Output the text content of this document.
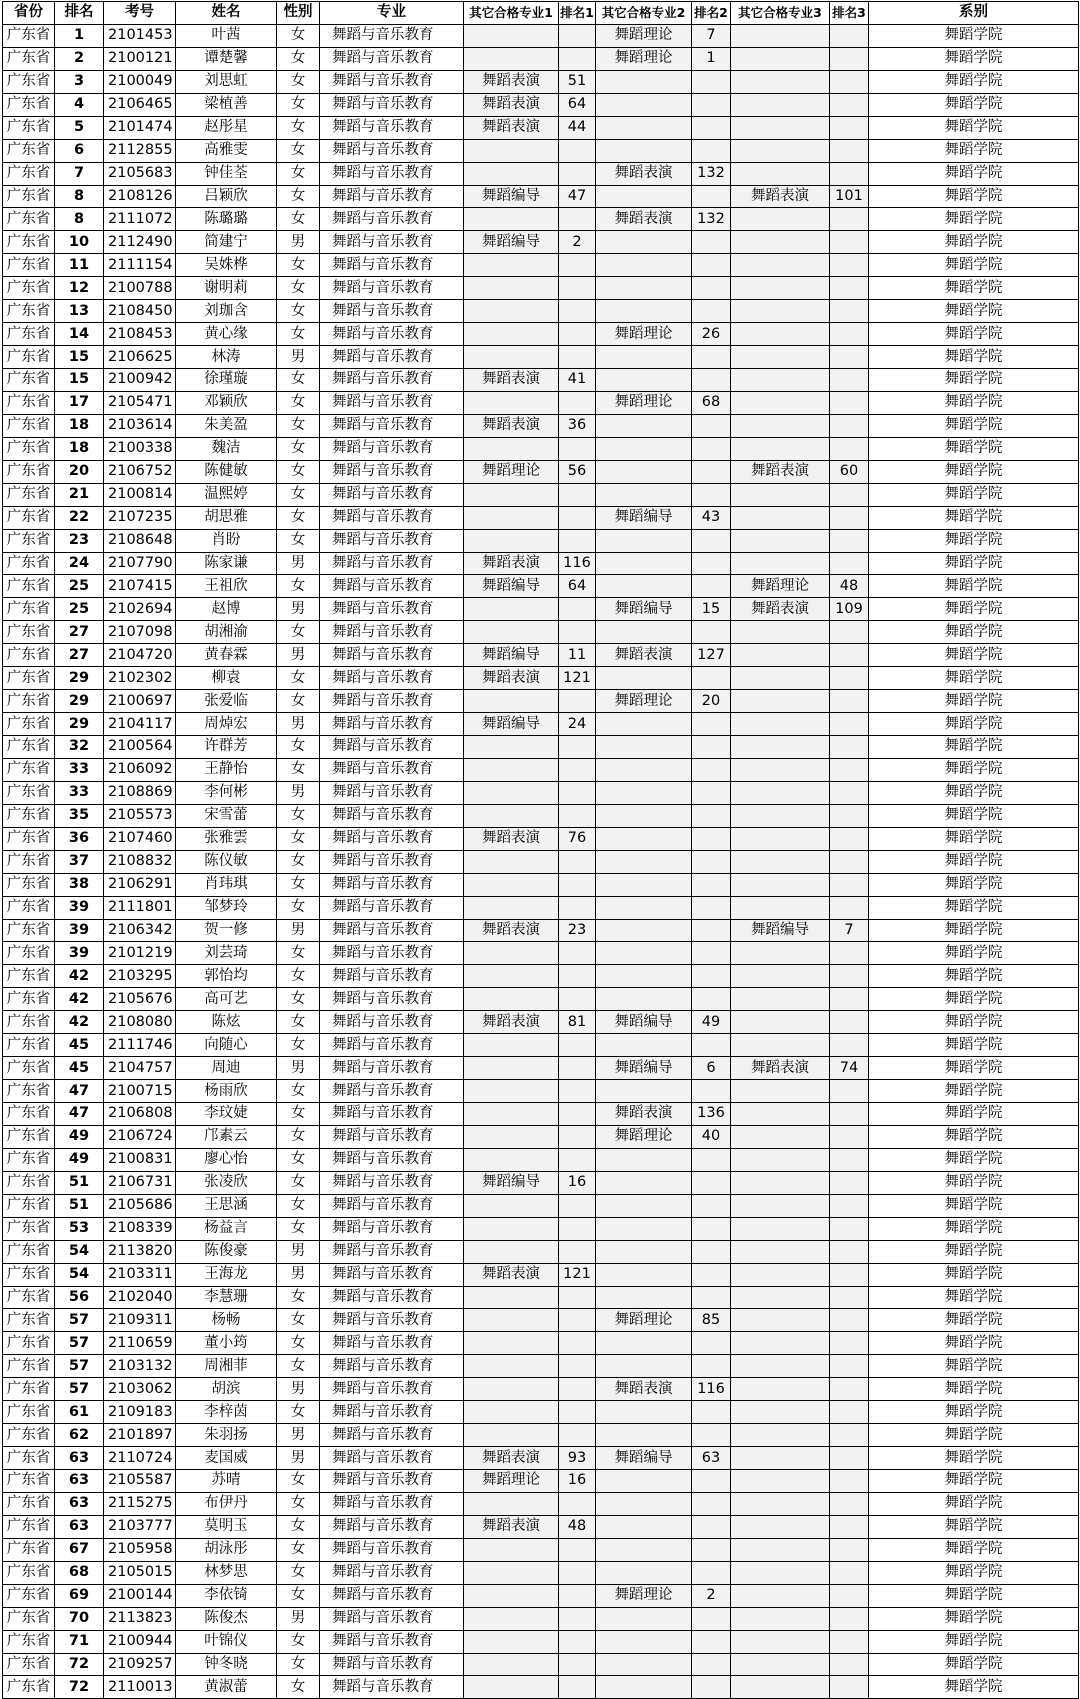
省份	排名	考号	姓名	性别	专业	其它合格专业1	排名1	其它合格专业2	排名2	其它合格专业3	排名3	系别
广东省	1	2101453	叶茜	女	舞蹈与音乐教育			舞蹈理论	7			舞蹈学院
广东省	2	2100121	谭楚馨	女	舞蹈与音乐教育			舞蹈理论	1			舞蹈学院
广东省	3	2100049	刘思虹	女	舞蹈与音乐教育	舞蹈表演	51					舞蹈学院
广东省	4	2106465	梁植善	女	舞蹈与音乐教育	舞蹈表演	64					舞蹈学院
广东省	5	2101474	赵彤星	女	舞蹈与音乐教育	舞蹈表演	44					舞蹈学院
广东省	6	2112855	高雅雯	女	舞蹈与音乐教育							舞蹈学院
广东省	7	2105683	钟佳荃	女	舞蹈与音乐教育			舞蹈表演	132			舞蹈学院
广东省	8	2108126	吕颖欣	女	舞蹈与音乐教育	舞蹈编导	47			舞蹈表演	101	舞蹈学院
广东省	8	2111072	陈璐璐	女	舞蹈与音乐教育			舞蹈表演	132			舞蹈学院
广东省	10	2112490	简建宁	男	舞蹈与音乐教育	舞蹈编导	2					舞蹈学院
广东省	11	2111154	吴姝桦	女	舞蹈与音乐教育							舞蹈学院
广东省	12	2100788	谢明莉	女	舞蹈与音乐教育							舞蹈学院
广东省	13	2108450	刘珈含	女	舞蹈与音乐教育							舞蹈学院
广东省	14	2108453	黄心缘	女	舞蹈与音乐教育			舞蹈理论	26			舞蹈学院
广东省	15	2106625	林涛	男	舞蹈与音乐教育							舞蹈学院
广东省	15	2100942	徐瑾璇	女	舞蹈与音乐教育	舞蹈表演	41					舞蹈学院
广东省	17	2105471	邓颖欣	女	舞蹈与音乐教育			舞蹈理论	68			舞蹈学院
广东省	18	2103614	朱美盈	女	舞蹈与音乐教育	舞蹈表演	36					舞蹈学院
广东省	18	2100338	魏洁	女	舞蹈与音乐教育							舞蹈学院
广东省	20	2106752	陈健敏	女	舞蹈与音乐教育	舞蹈理论	56			舞蹈表演	60	舞蹈学院
广东省	21	2100814	温熙婷	女	舞蹈与音乐教育							舞蹈学院
广东省	22	2107235	胡思雅	女	舞蹈与音乐教育			舞蹈编导	43			舞蹈学院
广东省	23	2108648	肖盼	女	舞蹈与音乐教育							舞蹈学院
广东省	24	2107790	陈家谦	男	舞蹈与音乐教育	舞蹈表演	116					舞蹈学院
广东省	25	2107415	王祖欣	女	舞蹈与音乐教育	舞蹈编导	64			舞蹈理论	48	舞蹈学院
广东省	25	2102694	赵博	男	舞蹈与音乐教育			舞蹈编导	15	舞蹈表演	109	舞蹈学院
广东省	27	2107098	胡湘渝	女	舞蹈与音乐教育							舞蹈学院
广东省	27	2104720	黄春霖	男	舞蹈与音乐教育	舞蹈编导	11	舞蹈表演	127			舞蹈学院
广东省	29	2102302	柳袁	女	舞蹈与音乐教育	舞蹈表演	121					舞蹈学院
广东省	29	2100697	张爱临	女	舞蹈与音乐教育			舞蹈理论	20			舞蹈学院
广东省	29	2104117	周焯宏	男	舞蹈与音乐教育	舞蹈编导	24					舞蹈学院
广东省	32	2100564	许群芳	女	舞蹈与音乐教育							舞蹈学院
广东省	33	2106092	王静怡	女	舞蹈与音乐教育							舞蹈学院
广东省	33	2108869	李何彬	男	舞蹈与音乐教育							舞蹈学院
广东省	35	2105573	宋雪蕾	女	舞蹈与音乐教育							舞蹈学院
广东省	36	2107460	张雅雲	女	舞蹈与音乐教育	舞蹈表演	76					舞蹈学院
广东省	37	2108832	陈仪敏	女	舞蹈与音乐教育							舞蹈学院
广东省	38	2106291	肖玮琪	女	舞蹈与音乐教育							舞蹈学院
广东省	39	2111801	邹梦玲	女	舞蹈与音乐教育							舞蹈学院
广东省	39	2106342	贺一修	男	舞蹈与音乐教育	舞蹈表演	23			舞蹈编导	7	舞蹈学院
广东省	39	2101219	刘芸琦	女	舞蹈与音乐教育							舞蹈学院
广东省	42	2103295	郭怡均	女	舞蹈与音乐教育							舞蹈学院
广东省	42	2105676	高可艺	女	舞蹈与音乐教育							舞蹈学院
广东省	42	2108080	陈炫	女	舞蹈与音乐教育	舞蹈表演	81	舞蹈编导	49			舞蹈学院
广东省	45	2111746	向随心	女	舞蹈与音乐教育							舞蹈学院
广东省	45	2104757	周迪	男	舞蹈与音乐教育			舞蹈编导	6	舞蹈表演	74	舞蹈学院
广东省	47	2100715	杨雨欣	女	舞蹈与音乐教育							舞蹈学院
广东省	47	2106808	李玟婕	女	舞蹈与音乐教育			舞蹈表演	136			舞蹈学院
广东省	49	2106724	邝素云	女	舞蹈与音乐教育			舞蹈理论	40			舞蹈学院
广东省	49	2100831	廖心怡	女	舞蹈与音乐教育							舞蹈学院
广东省	51	2106731	张凌欣	女	舞蹈与音乐教育	舞蹈编导	16					舞蹈学院
广东省	51	2105686	王思涵	女	舞蹈与音乐教育							舞蹈学院
广东省	53	2108339	杨益言	女	舞蹈与音乐教育							舞蹈学院
广东省	54	2113820	陈俊豪	男	舞蹈与音乐教育							舞蹈学院
广东省	54	2103311	王海龙	男	舞蹈与音乐教育	舞蹈表演	121					舞蹈学院
广东省	56	2102040	李慧珊	女	舞蹈与音乐教育							舞蹈学院
广东省	57	2109311	杨畅	女	舞蹈与音乐教育			舞蹈理论	85			舞蹈学院
广东省	57	2110659	董小筠	女	舞蹈与音乐教育							舞蹈学院
广东省	57	2103132	周湘菲	女	舞蹈与音乐教育							舞蹈学院
广东省	57	2103062	胡滨	男	舞蹈与音乐教育			舞蹈表演	116			舞蹈学院
广东省	61	2109183	李梓茵	女	舞蹈与音乐教育							舞蹈学院
广东省	62	2101897	朱羽扬	男	舞蹈与音乐教育							舞蹈学院
广东省	63	2110724	麦国威	男	舞蹈与音乐教育	舞蹈表演	93	舞蹈编导	63			舞蹈学院
广东省	63	2105587	苏晴	女	舞蹈与音乐教育	舞蹈理论	16					舞蹈学院
广东省	63	2115275	布伊丹	女	舞蹈与音乐教育							舞蹈学院
广东省	63	2103777	莫明玉	女	舞蹈与音乐教育	舞蹈表演	48					舞蹈学院
广东省	67	2105958	胡泳彤	女	舞蹈与音乐教育							舞蹈学院
广东省	68	2105015	林梦思	女	舞蹈与音乐教育							舞蹈学院
广东省	69	2100144	李依锜	女	舞蹈与音乐教育			舞蹈理论	2			舞蹈学院
广东省	70	2113823	陈俊杰	男	舞蹈与音乐教育							舞蹈学院
广东省	71	2100944	叶锦仪	女	舞蹈与音乐教育							舞蹈学院
广东省	72	2109257	钟冬晓	女	舞蹈与音乐教育							舞蹈学院
广东省	72	2110013	黄淑蕾	女	舞蹈与音乐教育							舞蹈学院
